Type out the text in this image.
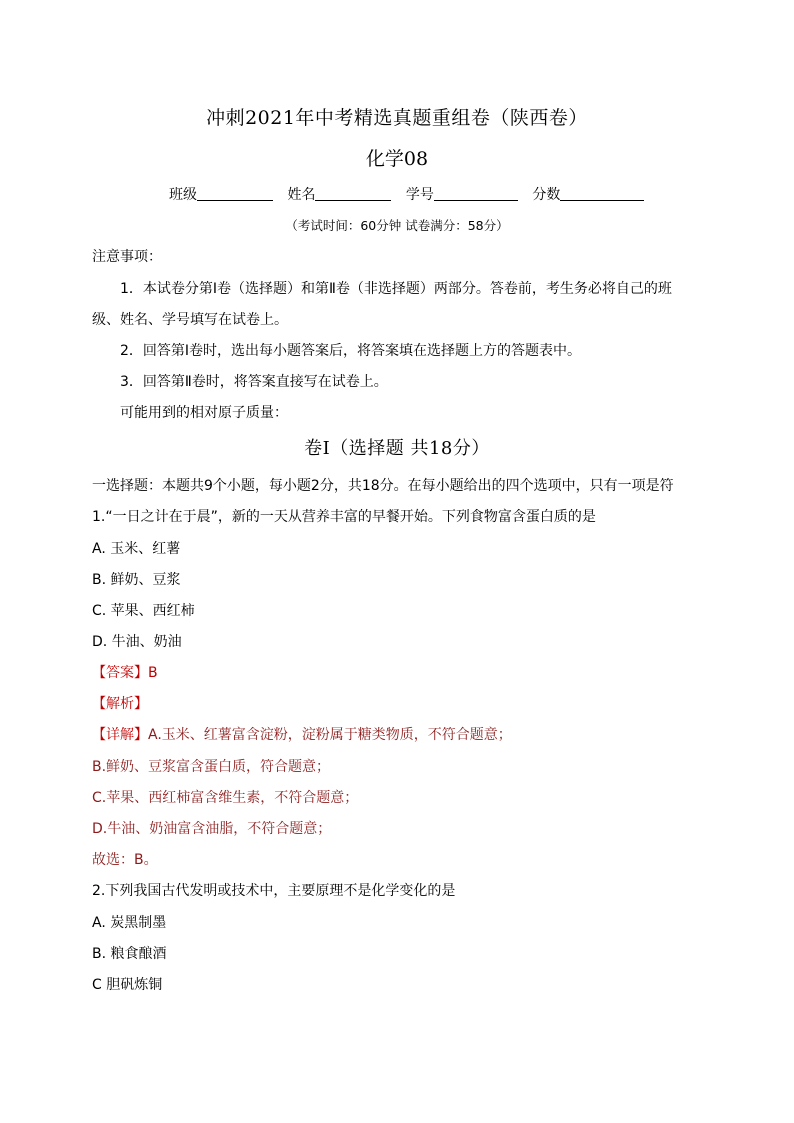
冲刺2021年中考精选真题重组卷（陕西卷）
化学08
班级	姓名	学号	分数
（考试时间：60分钟 试卷满分：58分）
注意事项：
1．本试卷分第Ⅰ卷（选择题）和第Ⅱ卷（非选择题）两部分。答卷前，考生务必将自己的班
级、姓名、学号填写在试卷上。
2．回答第Ⅰ卷时，选出每小题答案后，将答案填在选择题上方的答题表中。
3．回答第Ⅱ卷时，将答案直接写在试卷上。
可能用到的相对原子质量：
卷Ⅰ（选择题 共18分）
一选择题：本题共9个小题，每小题2分，共18分。在每小题给出的四个选项中，只有一项是符
1.“一日之计在于晨”，新的一天从营养丰富的早餐开始。下列食物富含蛋白质的是
A. 玉米、红薯
B. 鲜奶、豆浆
C. 苹果、西红柿
D. 牛油、奶油
【答案】B
【解析】
【详解】A.玉米、红薯富含淀粉，淀粉属于糖类物质，不符合题意；
B.鲜奶、豆浆富含蛋白质，符合题意；
C.苹果、西红柿富含维生素，不符合题意；
D.牛油、奶油富含油脂，不符合题意；
故选：B。
2.下列我国古代发明或技术中，主要原理不是化学变化的是
A. 炭黑制墨
B. 粮食酿酒
C 胆矾炼铜
